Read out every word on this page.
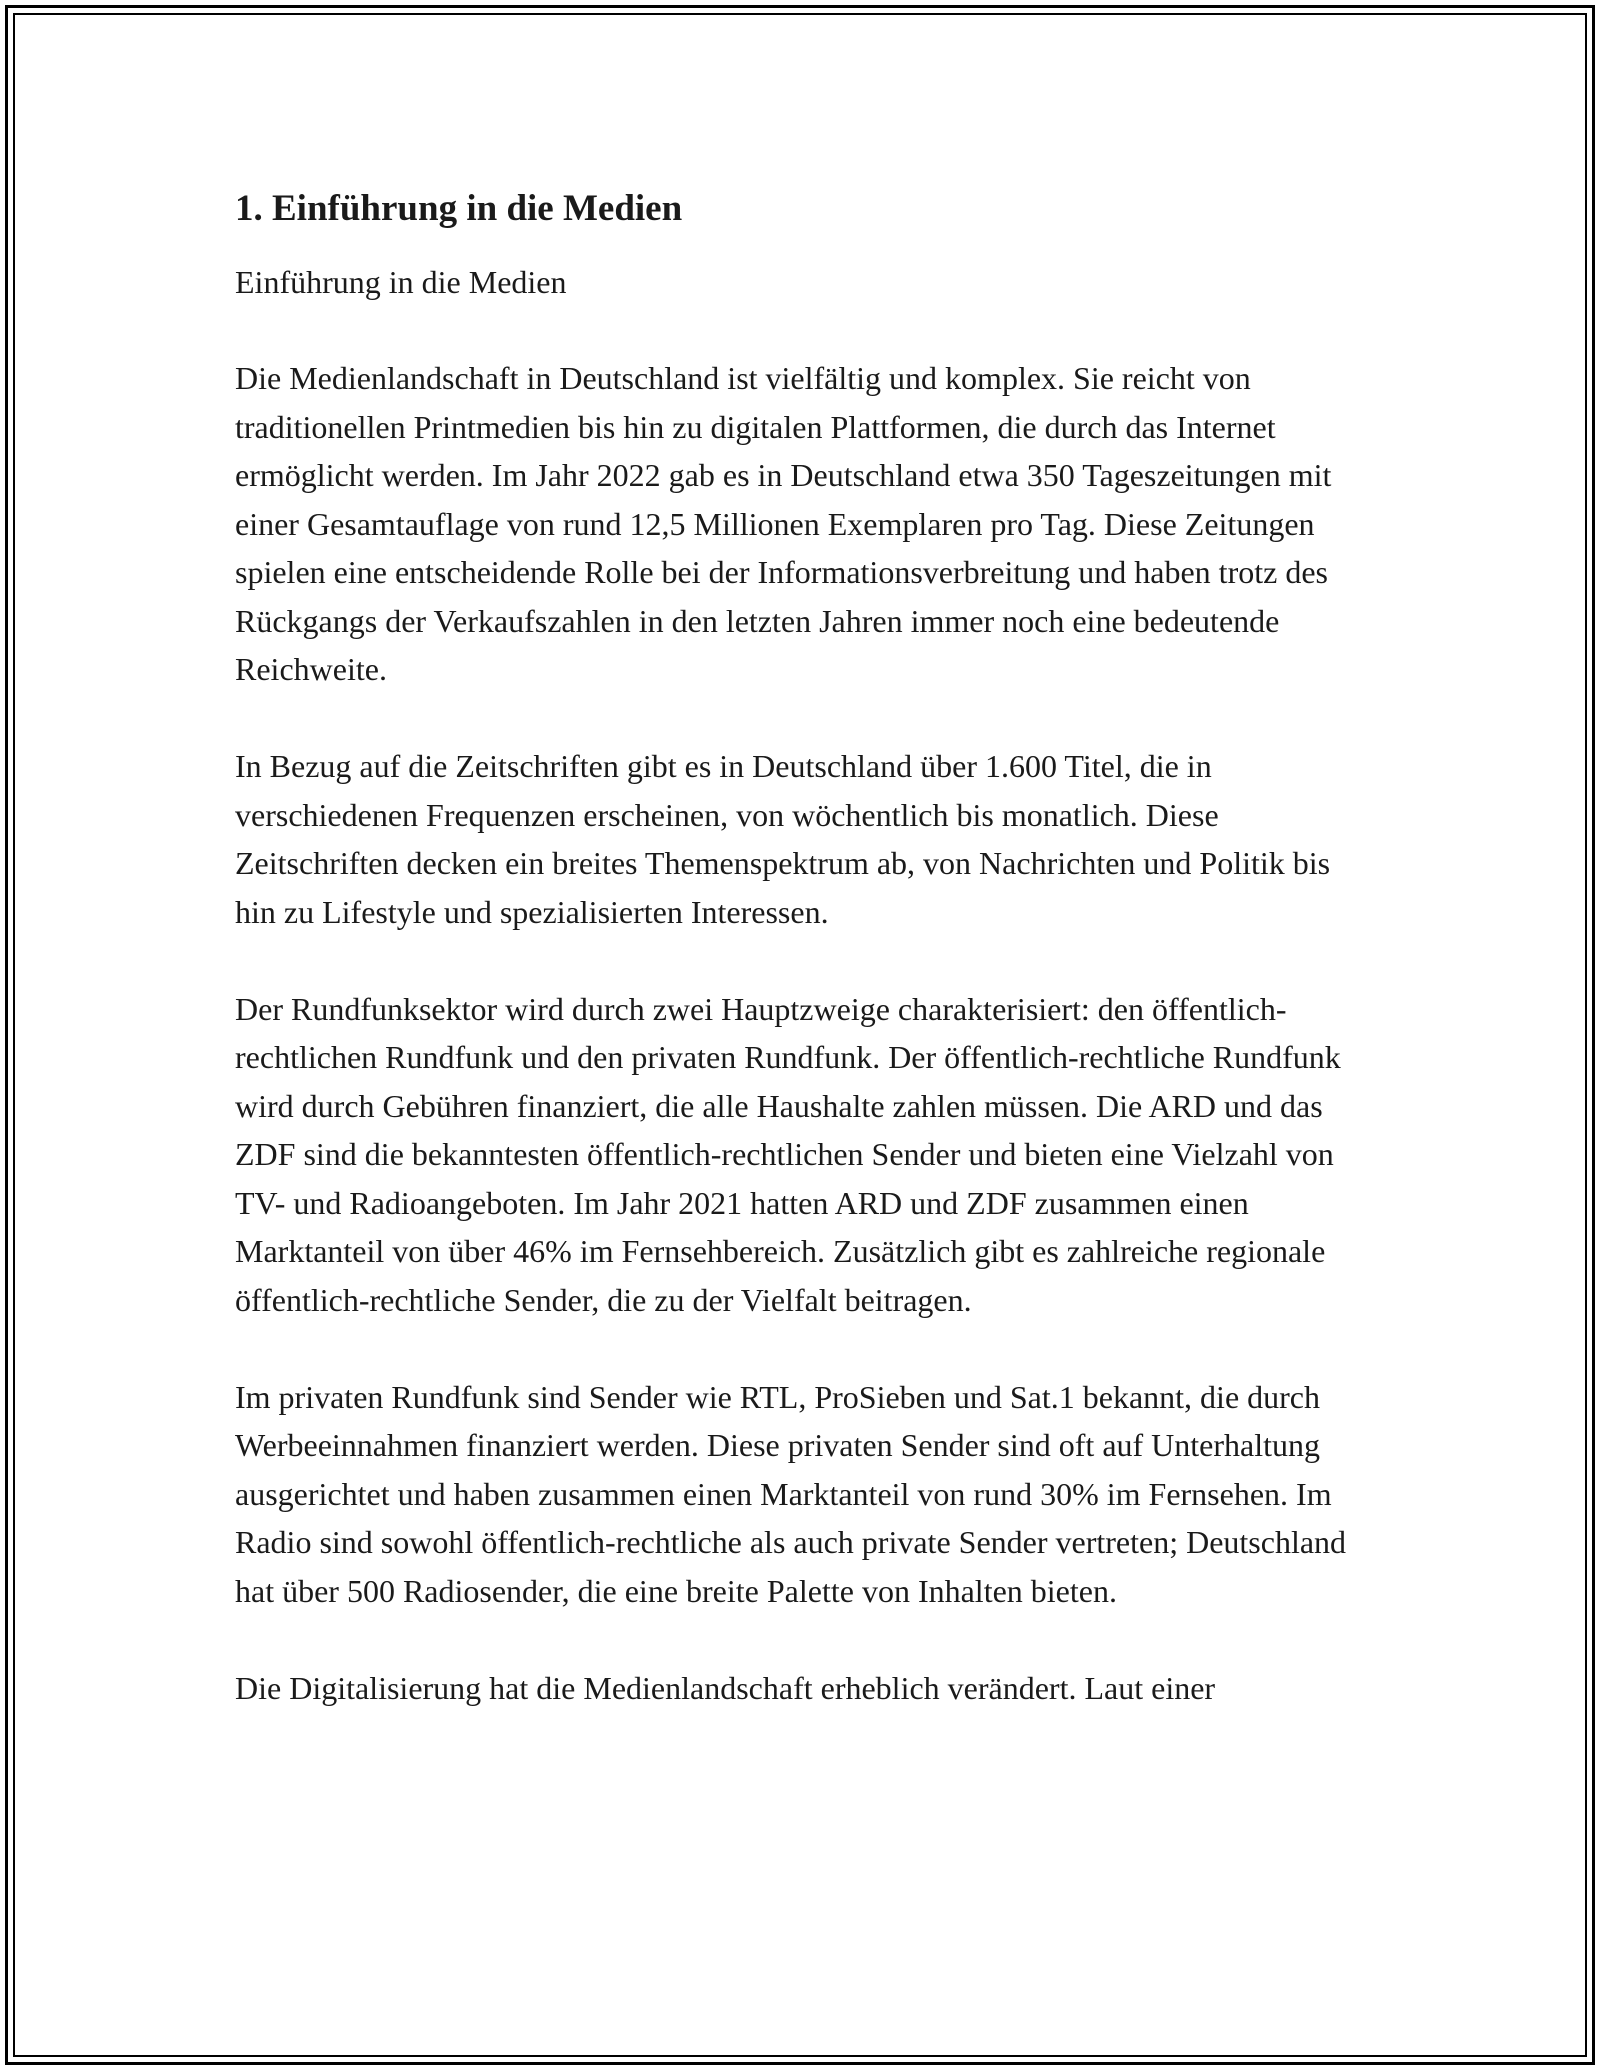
1. Einführung in die Medien

Einführung in die Medien

Die Medienlandschaft in Deutschland ist vielfältig und komplex. Sie reicht von traditionellen Printmedien bis hin zu digitalen Plattformen, die durch das Internet ermöglicht werden. Im Jahr 2022 gab es in Deutschland etwa 350 Tageszeitungen mit einer Gesamtauflage von rund 12,5 Millionen Exemplaren pro Tag. Diese Zeitungen spielen eine entscheidende Rolle bei der Informationsverbreitung und haben trotz des Rückgangs der Verkaufszahlen in den letzten Jahren immer noch eine bedeutende Reichweite.

In Bezug auf die Zeitschriften gibt es in Deutschland über 1.600 Titel, die in verschiedenen Frequenzen erscheinen, von wöchentlich bis monatlich. Diese Zeitschriften decken ein breites Themenspektrum ab, von Nachrichten und Politik bis hin zu Lifestyle und spezialisierten Interessen.

Der Rundfunksektor wird durch zwei Hauptzweige charakterisiert: den öffentlich-rechtlichen Rundfunk und den privaten Rundfunk. Der öffentlich-rechtliche Rundfunk wird durch Gebühren finanziert, die alle Haushalte zahlen müssen. Die ARD und das ZDF sind die bekanntesten öffentlich-rechtlichen Sender und bieten eine Vielzahl von TV- und Radioangeboten. Im Jahr 2021 hatten ARD und ZDF zusammen einen Marktanteil von über 46% im Fernsehbereich. Zusätzlich gibt es zahlreiche regionale öffentlich-rechtliche Sender, die zu der Vielfalt beitragen.

Im privaten Rundfunk sind Sender wie RTL, ProSieben und Sat.1 bekannt, die durch Werbeeinnahmen finanziert werden. Diese privaten Sender sind oft auf Unterhaltung ausgerichtet und haben zusammen einen Marktanteil von rund 30% im Fernsehen. Im Radio sind sowohl öffentlich-rechtliche als auch private Sender vertreten; Deutschland hat über 500 Radiosender, die eine breite Palette von Inhalten bieten.

Die Digitalisierung hat die Medienlandschaft erheblich verändert. Laut einer
